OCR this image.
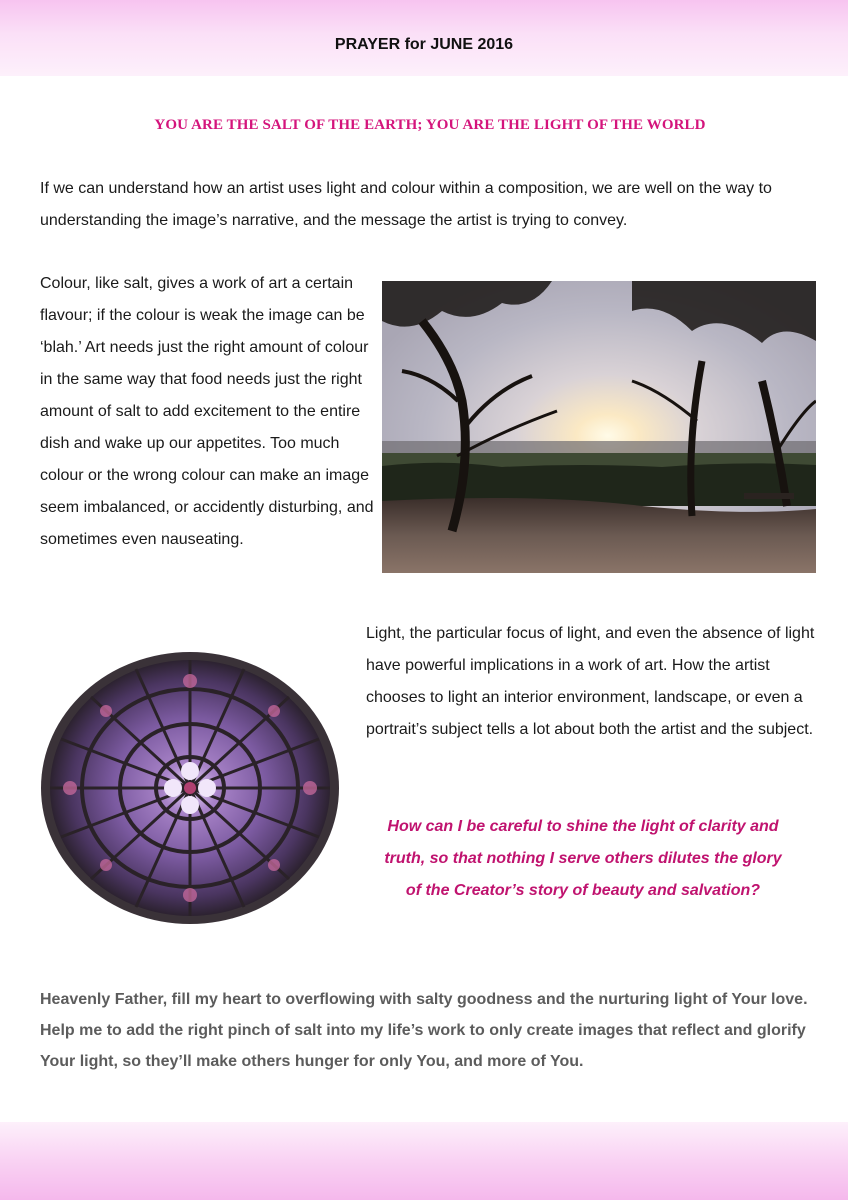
PRAYER for JUNE 2016
YOU ARE THE SALT OF THE EARTH; YOU ARE THE LIGHT OF THE WORLD

If we can understand how an artist uses light and colour within a composition, we are well on the way to understanding the image’s narrative, and the message the artist is trying to convey.

Colour, like salt, gives a work of art a certain flavour; if the colour is weak the image can be ‘blah.’ Art needs just the right amount of colour in the same way that food needs just the right amount of salt to add excitement to the entire dish and wake up our appetites. Too much colour or the wrong colour can make an image seem imbalanced, or accidently disturbing, and sometimes even nauseating.

Light, the particular focus of light, and even the absence of light have powerful implications in a work of art. How the artist chooses to light an interior environment, landscape, or even a portrait’s subject tells a lot about both the artist and the subject.

How can I be careful to shine the light of clarity and truth, so that nothing I serve others dilutes the glory of the Creator’s story of beauty and salvation?

Heavenly Father, fill my heart to overflowing with salty goodness and the nurturing light of Your love. Help me to add the right pinch of salt into my life’s work to only create images that reflect and glorify Your light, so they’ll make others hunger for only You, and more of You.
